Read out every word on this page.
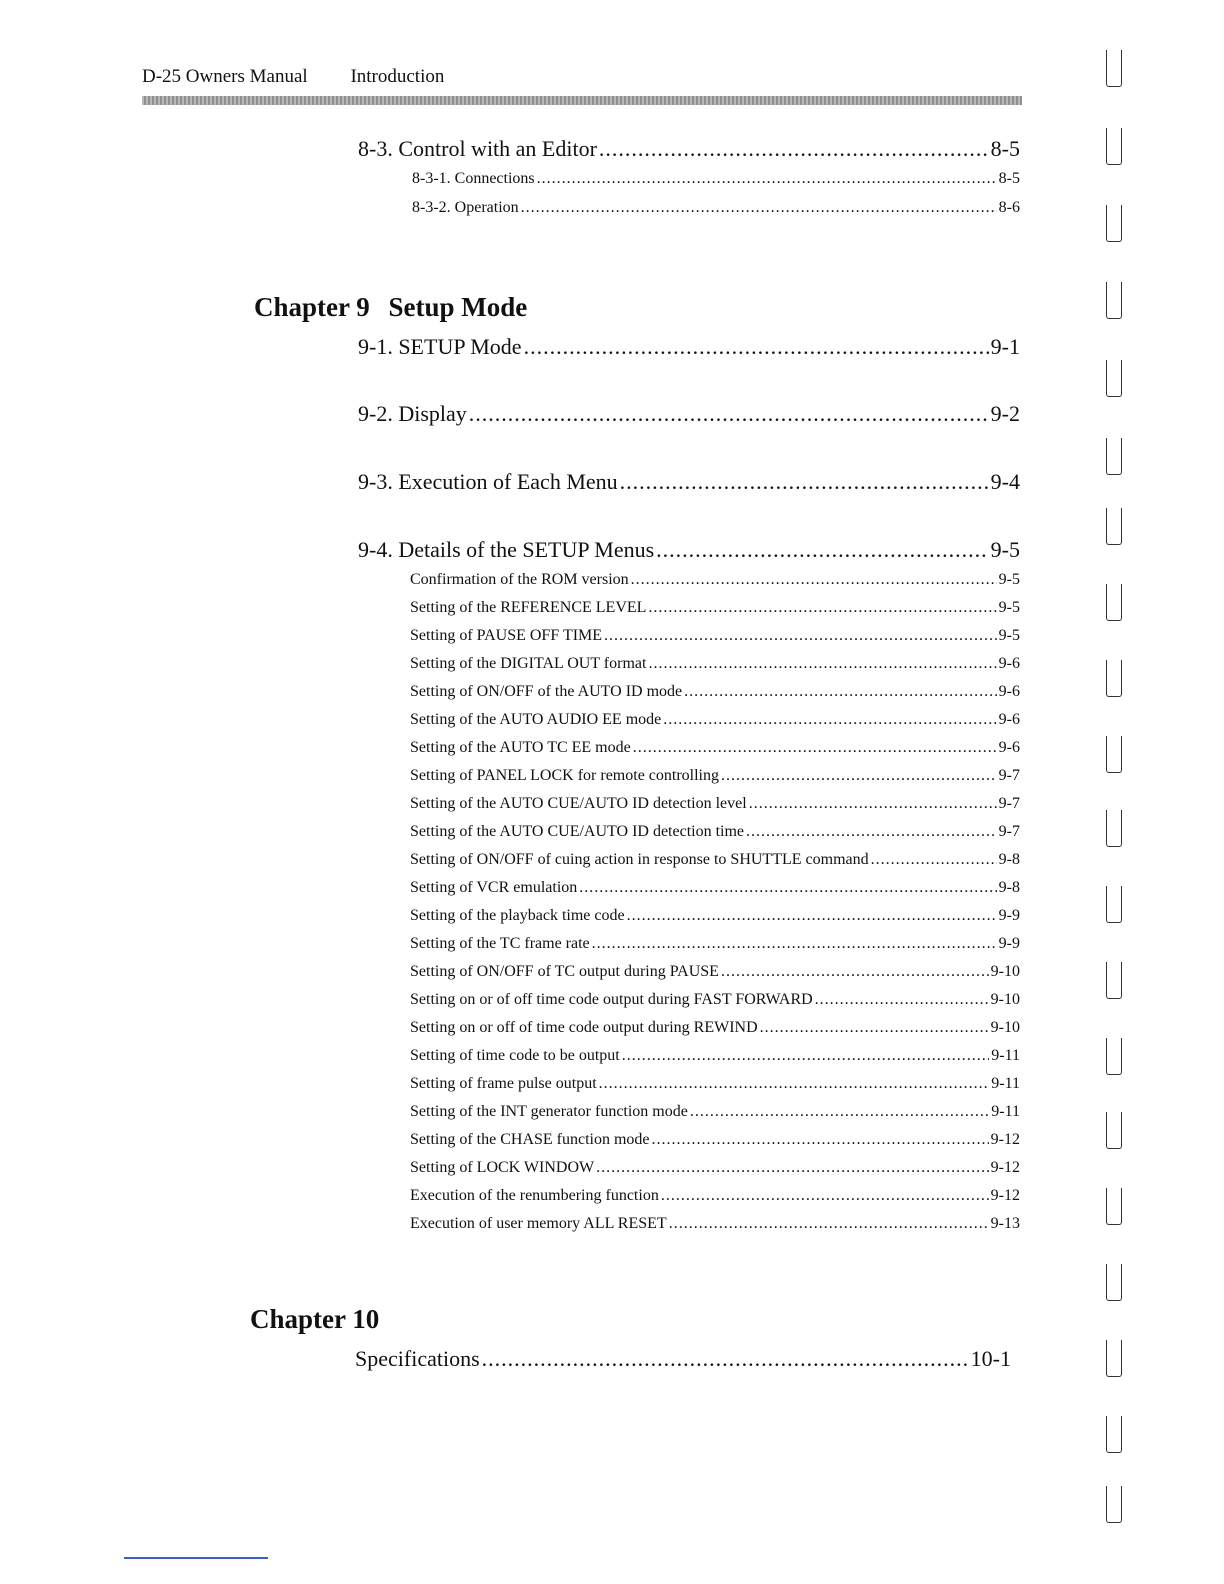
D-25 Owners Manual Introduction
8-3. Control with an Editor .....	8-5
8-3-1. Connections .....	8-5
8-3-2. Operation .....	8-6
Chapter 9 Setup Mode
9-1. SETUP Mode .....	9-1
9-2. Display .....	9-2
9-3. Execution of Each Menu .....	9-4
9-4. Details of the SETUP Menus .....	9-5
Confirmation of the ROM version .....	9-5
Setting of the REFERENCE LEVEL .....	9-5
Setting of PAUSE OFF TIME .....	9-5
Setting of the DIGITAL OUT format .....	9-6
Setting of ON/OFF of the AUTO ID mode .....	9-6
Setting of the AUTO AUDIO EE mode .....	9-6
Setting of the AUTO TC EE mode .....	9-6
Setting of PANEL LOCK for remote controlling .....	9-7
Setting of the AUTO CUE/AUTO ID detection level .....	9-7
Setting of the AUTO CUE/AUTO ID detection time .....	9-7
Setting of ON/OFF of cuing action in response to SHUTTLE command .....	9-8
Setting of VCR emulation .....	9-8
Setting of the playback time code .....	9-9
Setting of the TC frame rate .....	9-9
Setting of ON/OFF of TC output during PAUSE .....	9-10
Setting on or of off time code output during FAST FORWARD .....	9-10
Setting on or off of time code output during REWIND .....	9-10
Setting of time code to be output .....	9-11
Setting of frame pulse output .....	9-11
Setting of the INT generator function mode .....	9-11
Setting of the CHASE function mode .....	9-12
Setting of LOCK WINDOW .....	9-12
Execution of the renumbering function .....	9-12
Execution of user memory ALL RESET .....	9-13
Chapter 10
Specifications .....	10-1
